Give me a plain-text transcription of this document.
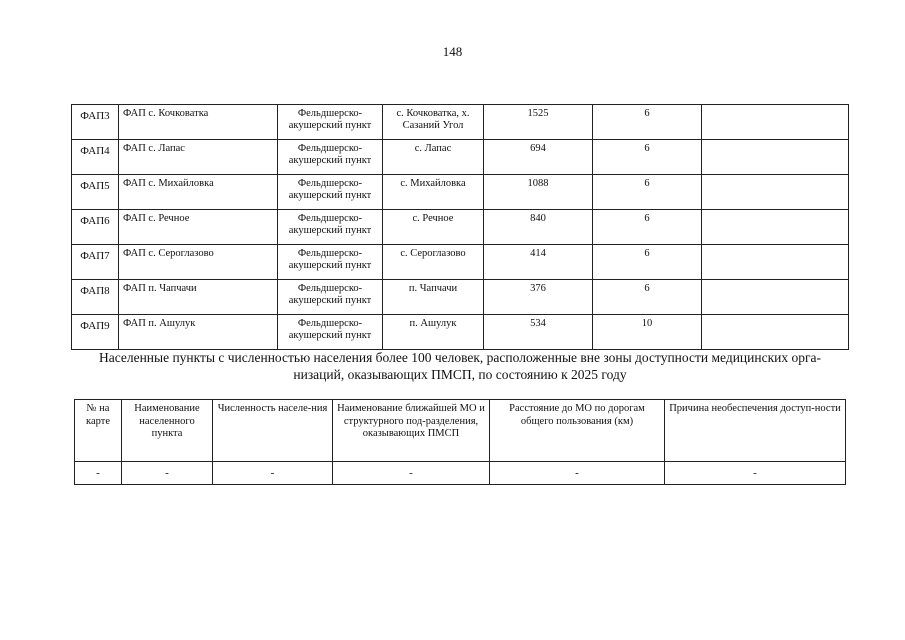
148
ФАП3	ФАП с. Кочковатка	Фельдшерско-акушерский пункт	с. Кочковатка, х. Сазаний Угол	1525	6	
ФАП4	ФАП с. Лапас	Фельдшерско-акушерский пункт	с. Лапас	694	6	
ФАП5	ФАП с. Михайловка	Фельдшерско-акушерский пункт	с. Михайловка	1088	6	
ФАП6	ФАП с. Речное	Фельдшерско-акушерский пункт	с. Речное	840	6	
ФАП7	ФАП с. Сероглазово	Фельдшерско-акушерский пункт	с. Сероглазово	414	6	
ФАП8	ФАП п. Чапчачи	Фельдшерско-акушерский пункт	п. Чапчачи	376	6	
ФАП9	ФАП п. Ашулук	Фельдшерско-акушерский пункт	п. Ашулук	534	10	
Населенные пункты с численностью населения более 100 человек, расположенные вне зоны доступности медицинских орга-
низаций, оказывающих ПМСП, по состоянию к 2025 году
№ на карте	Наименование населенного пункта	Численность населе-ния	Наименование ближайшей МО и структурного под-разделения, оказывающих ПМСП	Расстояние до МО по дорогам общего пользования (км)	Причина необеспечения доступ-ности
-	-	-	-	-	-
